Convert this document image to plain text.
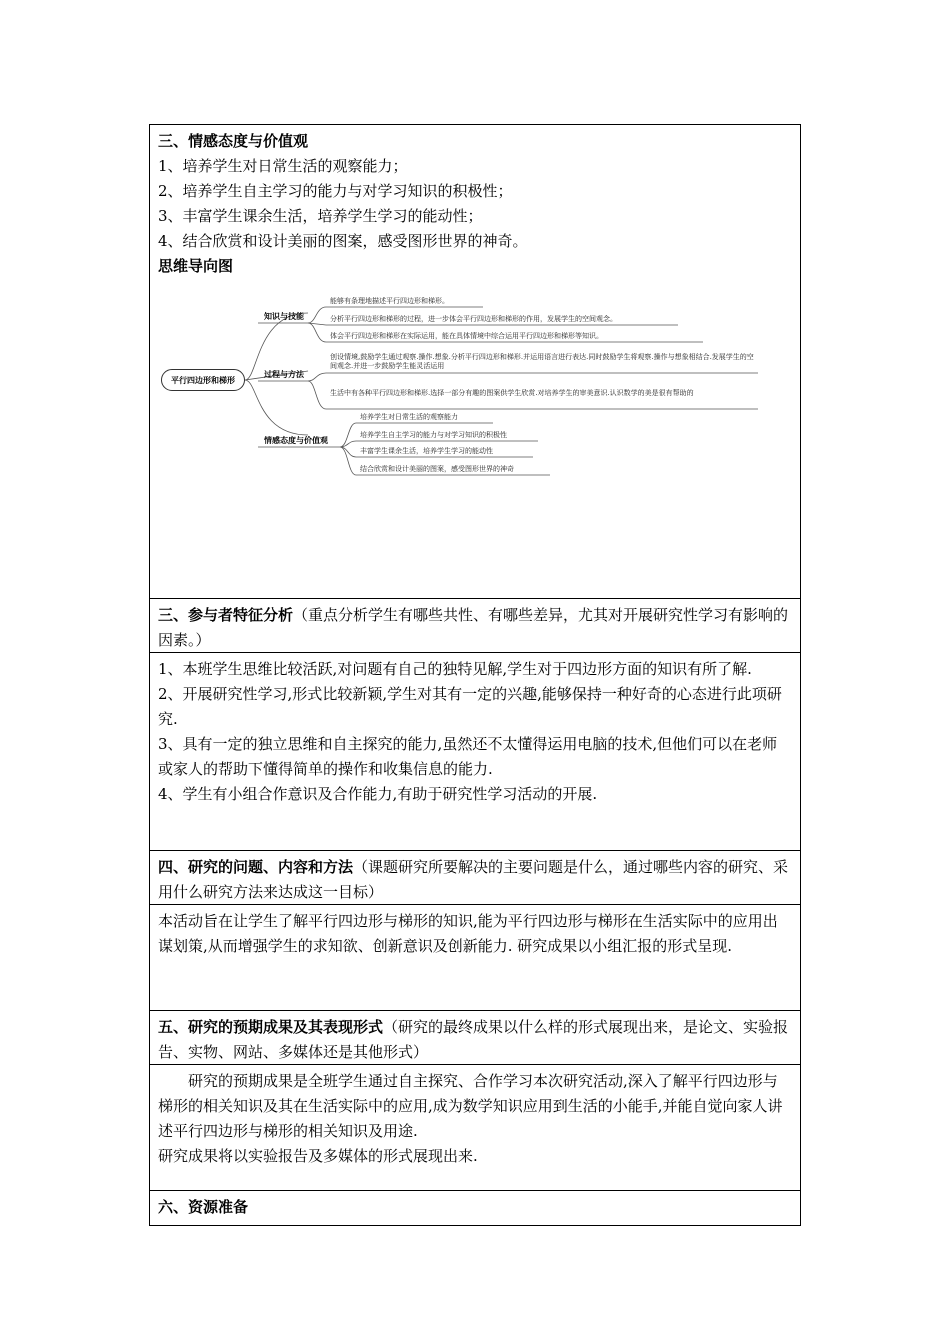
三、情感态度与价值观

1、培养学生对日常生活的观察能力；

2、培养学生自主学习的能力与对学习知识的积极性；

3、丰富学生课余生活，培养学生学习的能动性；

4、结合欣赏和设计美丽的图案，感受图形世界的神奇。

思维导向图

平行四边形和梯形
知识与技能
过程与方法
情感态度与价值观
能够有条理地描述平行四边形和梯形。
分析平行四边形和梯形的过程，进一步体会平行四边形和梯形的作用，发展学生的空间观念。
体会平行四边形和梯形在实际运用，能在具体情境中综合运用平行四边形和梯形等知识。
创设情境,鼓励学生通过观察.操作.想象.分析平行四边形和梯形.并运用语言进行表达.同时鼓励学生将观察.操作与想象相结合.发展学生的空间观念.并进一步鼓励学生能灵活运用
生活中有各种平行四边形和梯形.选择一部分有趣的图案供学生欣赏.对培养学生的审美意识.认识数学的美是很有帮助的
培养学生对日常生活的观察能力
培养学生自主学习的能力与对学习知识的积极性
丰富学生课余生活，培养学生学习的能动性
结合欣赏和设计美丽的图案，感受图形世界的神奇
三、参与者特征分析（重点分析学生有哪些共性、有哪些差异，尤其对开展研究性学习有影响的因素。）

1、本班学生思维比较活跃,对问题有自己的独特见解,学生对于四边形方面的知识有所了解.

2、开展研究性学习,形式比较新颖,学生对其有一定的兴趣,能够保持一种好奇的心态进行此项研究.

3、具有一定的独立思维和自主探究的能力,虽然还不太懂得运用电脑的技术,但他们可以在老师或家人的帮助下懂得简单的操作和收集信息的能力.

4、学生有小组合作意识及合作能力,有助于研究性学习活动的开展.

四、研究的问题、内容和方法（课题研究所要解决的主要问题是什么，通过哪些内容的研究、采用什么研究方法来达成这一目标）

本活动旨在让学生了解平行四边形与梯形的知识,能为平行四边形与梯形在生活实际中的应用出谋划策,从而增强学生的求知欲、创新意识及创新能力. 研究成果以小组汇报的形式呈现.

五、研究的预期成果及其表现形式（研究的最终成果以什么样的形式展现出来，是论文、实验报告、实物、网站、多媒体还是其他形式）

研究的预期成果是全班学生通过自主探究、合作学习本次研究活动,深入了解平行四边形与梯形的相关知识及其在生活实际中的应用,成为数学知识应用到生活的小能手,并能自觉向家人讲述平行四边形与梯形的相关知识及用途.

研究成果将以实验报告及多媒体的形式展现出来.

六、资源准备
